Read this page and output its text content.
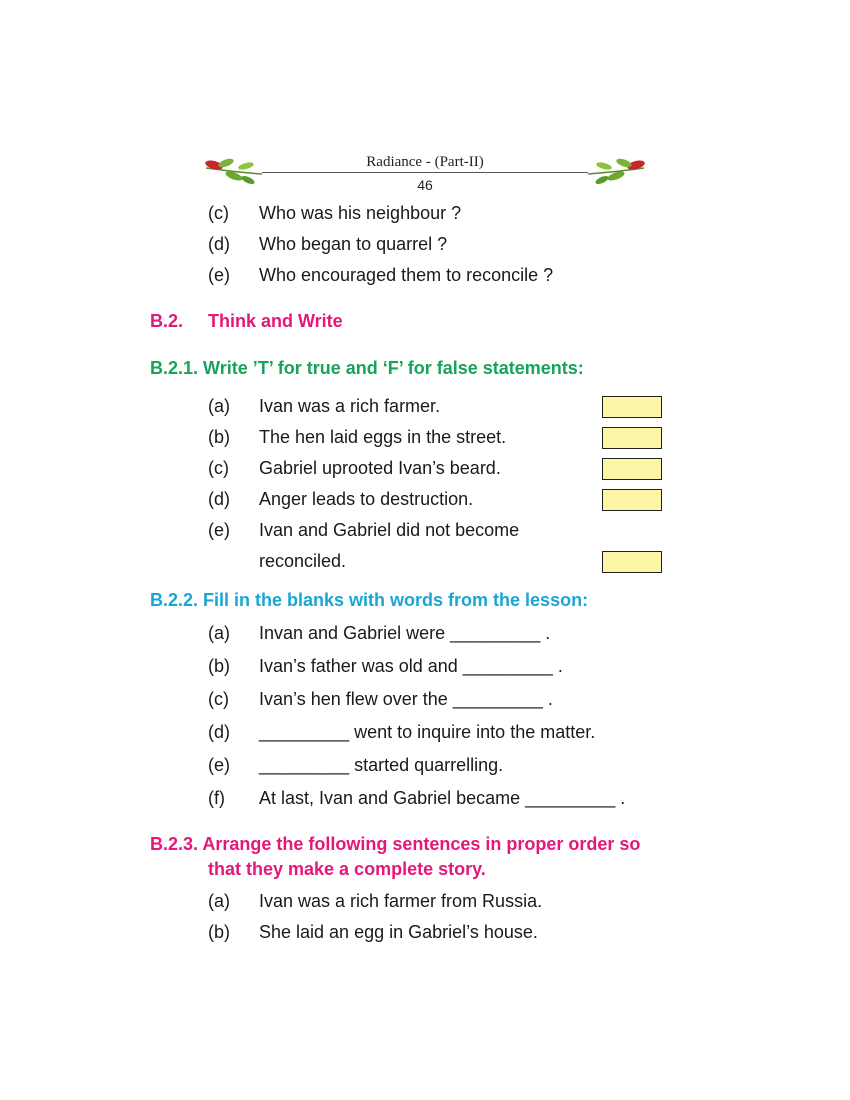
Radiance - (Part-II)
46
(c)	Who was his neighbour ?
(d)	Who began to quarrel ?
(e)	Who encouraged them to reconcile ?
B.2. Think and Write
B.2.1. Write ’T’ for true and ‘F’ for false statements:
(a)	Ivan was a rich farmer.
(b)	The hen laid eggs in the street.
(c)	Gabriel uprooted Ivan’s beard.
(d)	Anger leads to destruction.
(e)	Ivan and Gabriel did not become
reconciled.
B.2.2. Fill in the blanks with words from the lesson:
(a)	Invan and Gabriel were _________ .
(b)	Ivan’s father was old and _________ .
(c)	Ivan’s hen flew over the _________ .
(d)	_________ went to inquire into the matter.
(e)	_________ started quarrelling.
(f)	At last, Ivan and Gabriel became _________ .
B.2.3. Arrange the following sentences in proper order so
that they make a complete story.
(a)	Ivan was a rich farmer from Russia.
(b)	She laid an egg in Gabriel’s house.
